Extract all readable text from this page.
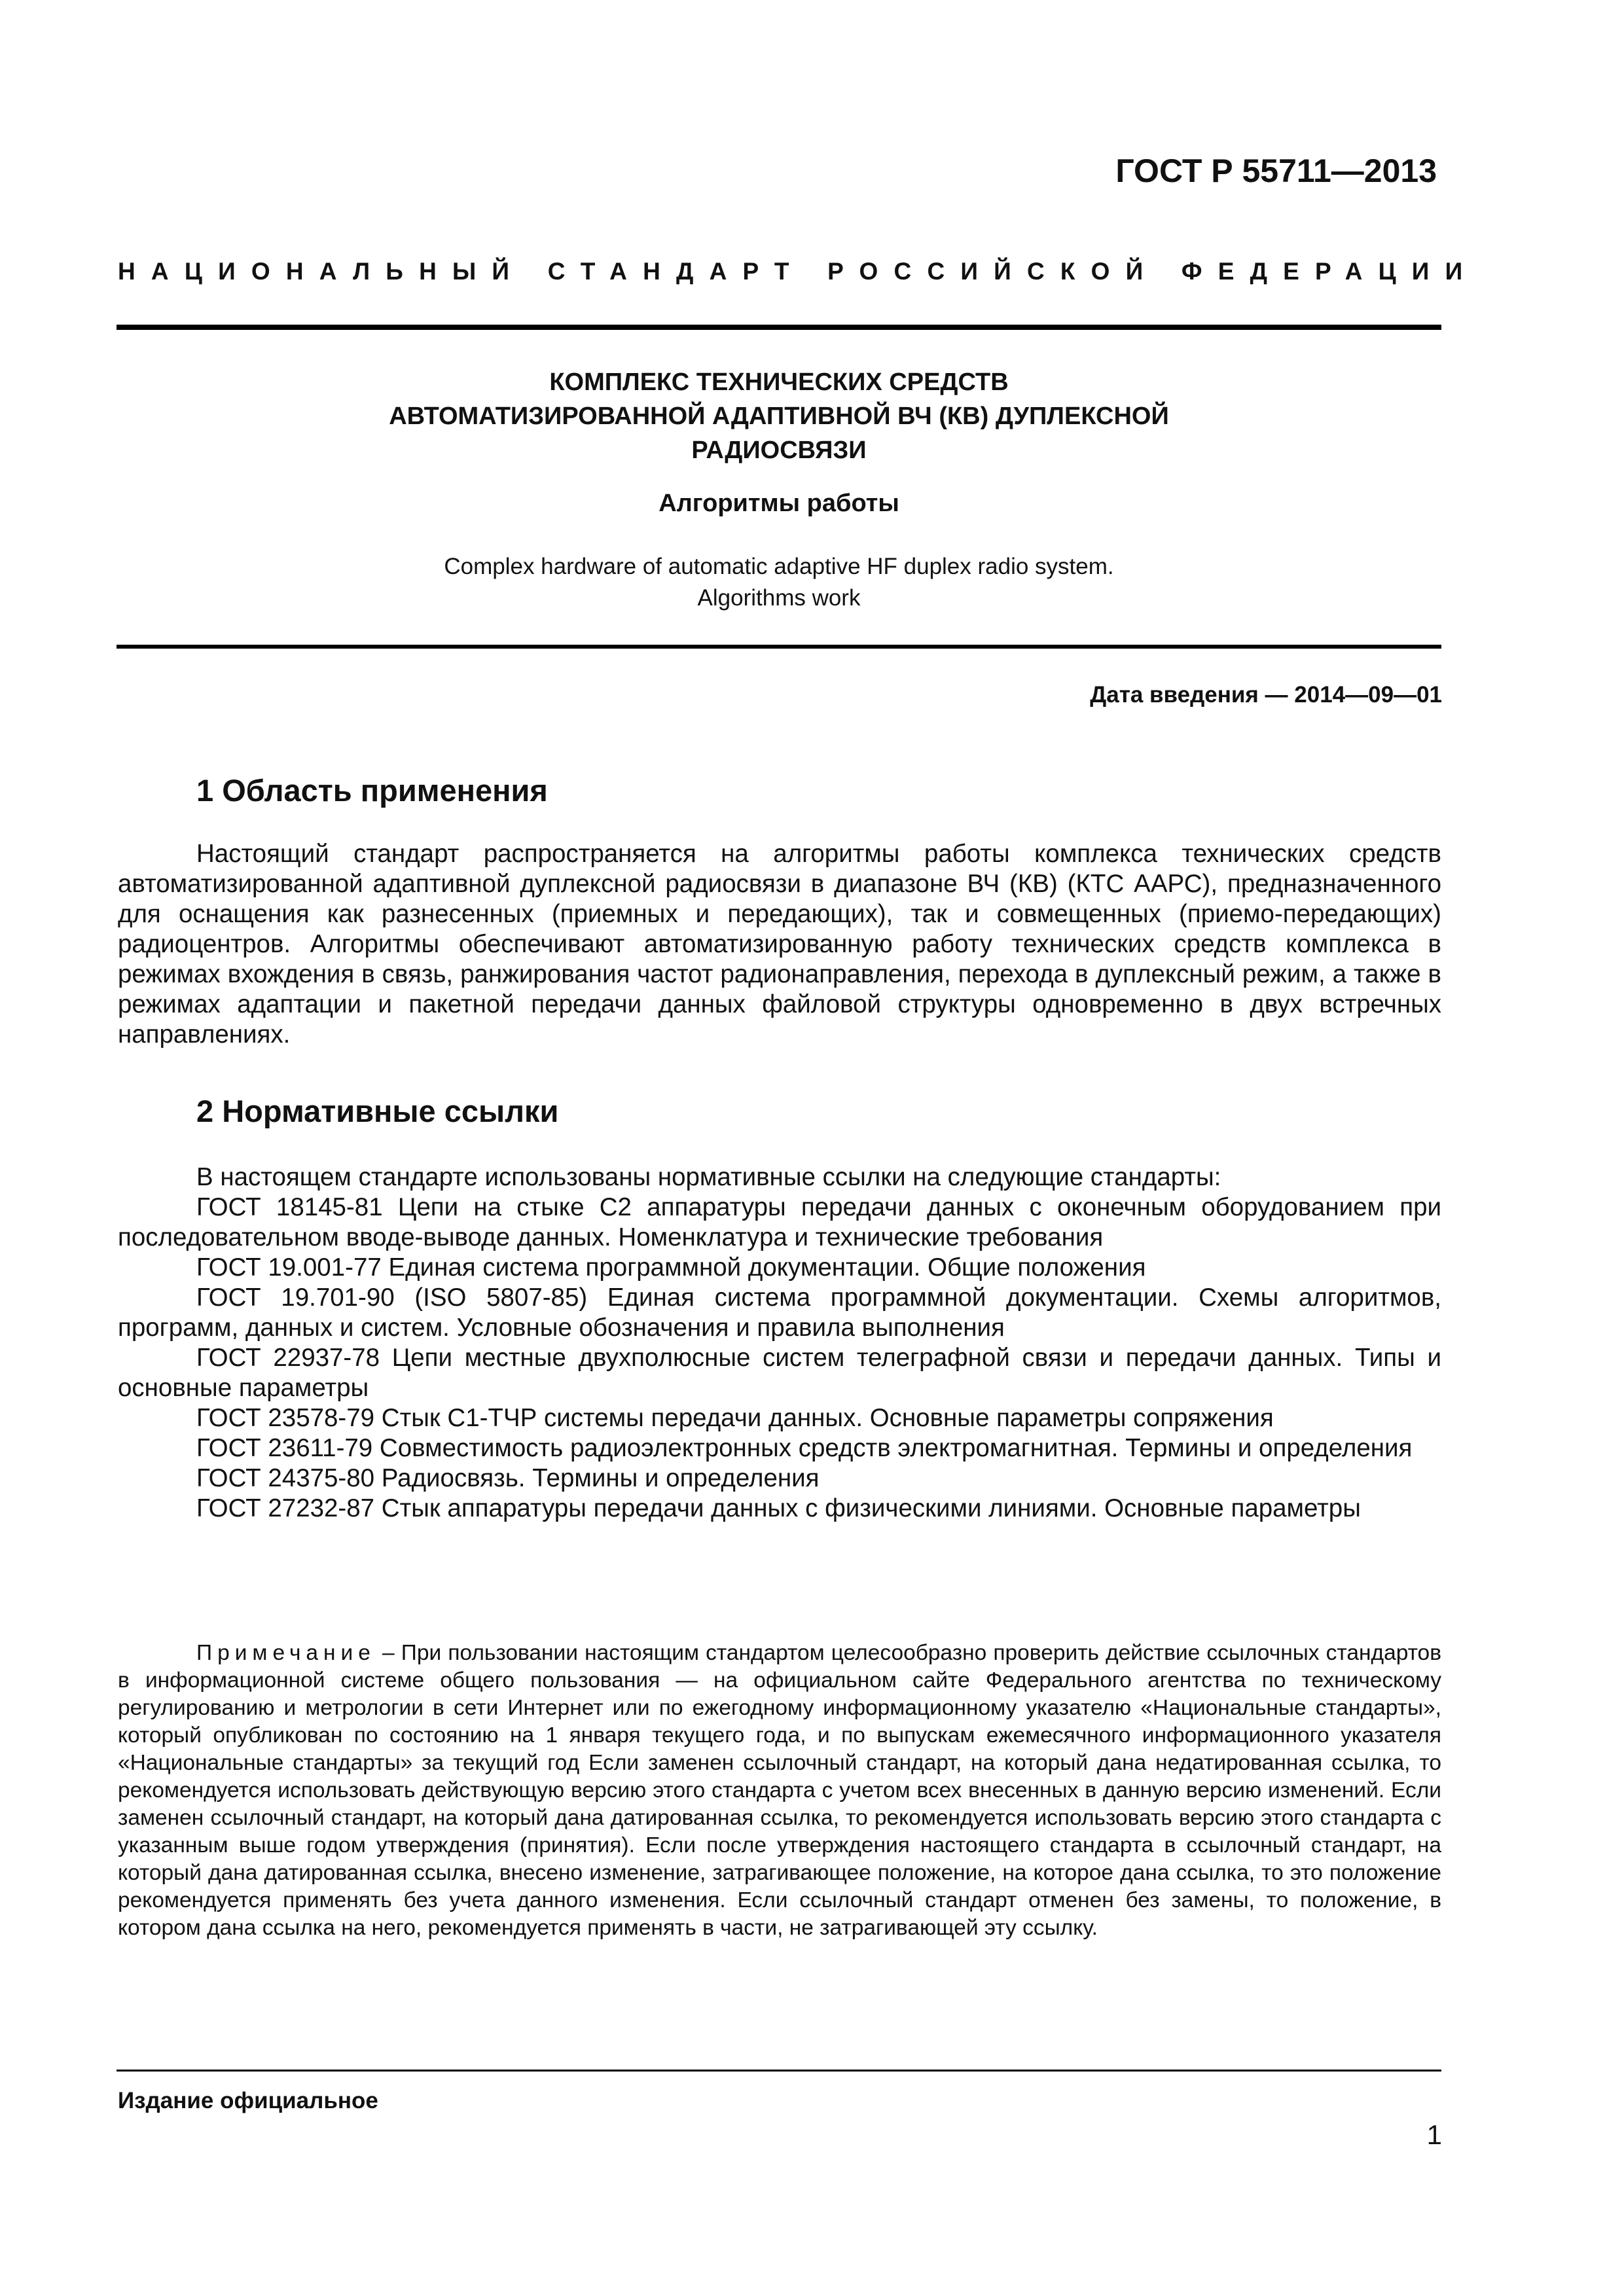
ГОСТ Р 55711—2013
НАЦИОНАЛЬНЫЙ СТАНДАРТ РОССИЙСКОЙ ФЕДЕРАЦИИ
КОМПЛЕКС ТЕХНИЧЕСКИХ СРЕДСТВ
АВТОМАТИЗИРОВАННОЙ АДАПТИВНОЙ ВЧ (КВ) ДУПЛЕКСНОЙ
РАДИОСВЯЗИ
Алгоритмы работы
Complex hardware of automatic adaptive HF duplex radio system.
Algorithms work
Дата введения — 2014—09—01
1 Область применения

Настоящий стандарт распространяется на алгоритмы работы комплекса технических средств автоматизированной адаптивной дуплексной радиосвязи в диапазоне ВЧ (КВ) (КТС ААРС), предназначенного для оснащения как разнесенных (приемных и передающих), так и совмещенных (приемо-передающих) радиоцентров. Алгоритмы обеспечивают автоматизированную работу технических средств комплекса в режимах вхождения в связь, ранжирования частот радионаправления, перехода в дуплексный режим, а также в режимах адаптации и пакетной передачи данных файловой структуры одновременно в двух встречных направлениях.

2 Нормативные ссылки

В настоящем стандарте использованы нормативные ссылки на следующие стандарты:

ГОСТ 18145-81 Цепи на стыке С2 аппаратуры передачи данных с оконечным оборудованием при последовательном вводе-выводе данных. Номенклатура и технические требования

ГОСТ 19.001-77 Единая система программной документации. Общие положения

ГОСТ 19.701-90 (ISO 5807-85) Единая система программной документации. Схемы алгоритмов, программ, данных и систем. Условные обозначения и правила выполнения

ГОСТ 22937-78 Цепи местные двухполюсные систем телеграфной связи и передачи данных. Типы и основные параметры

ГОСТ 23578-79 Стык С1-ТЧР системы передачи данных. Основные параметры сопряжения

ГОСТ 23611-79 Совместимость радиоэлектронных средств электромагнитная. Термины и определения

ГОСТ 24375-80 Радиосвязь. Термины и определения

ГОСТ 27232-87 Стык аппаратуры передачи данных с физическими линиями. Основные параметры

Примечание – При пользовании настоящим стандартом целесообразно проверить действие ссылочных стандартов в информационной системе общего пользования — на официальном сайте Федерального агентства по техническому регулированию и метрологии в сети Интернет или по ежегодному информационному указателю «Национальные стандарты», который опубликован по состоянию на 1 января текущего года, и по выпускам ежемесячного информационного указателя «Национальные стандарты» за текущий год Если заменен ссылочный стандарт, на который дана недатированная ссылка, то рекомендуется использовать действующую версию этого стандарта с учетом всех внесенных в данную версию изменений. Если заменен ссылочный стандарт, на который дана датированная ссылка, то рекомендуется использовать версию этого стандарта с указанным выше годом утверждения (принятия). Если после утверждения настоящего стандарта в ссылочный стандарт, на который дана датированная ссылка, внесено изменение, затрагивающее положение, на которое дана ссылка, то это положение рекомендуется применять без учета данного изменения. Если ссылочный стандарт отменен без замены, то положение, в котором дана ссылка на него, рекомендуется применять в части, не затрагивающей эту ссылку.

Издание официальное
1
